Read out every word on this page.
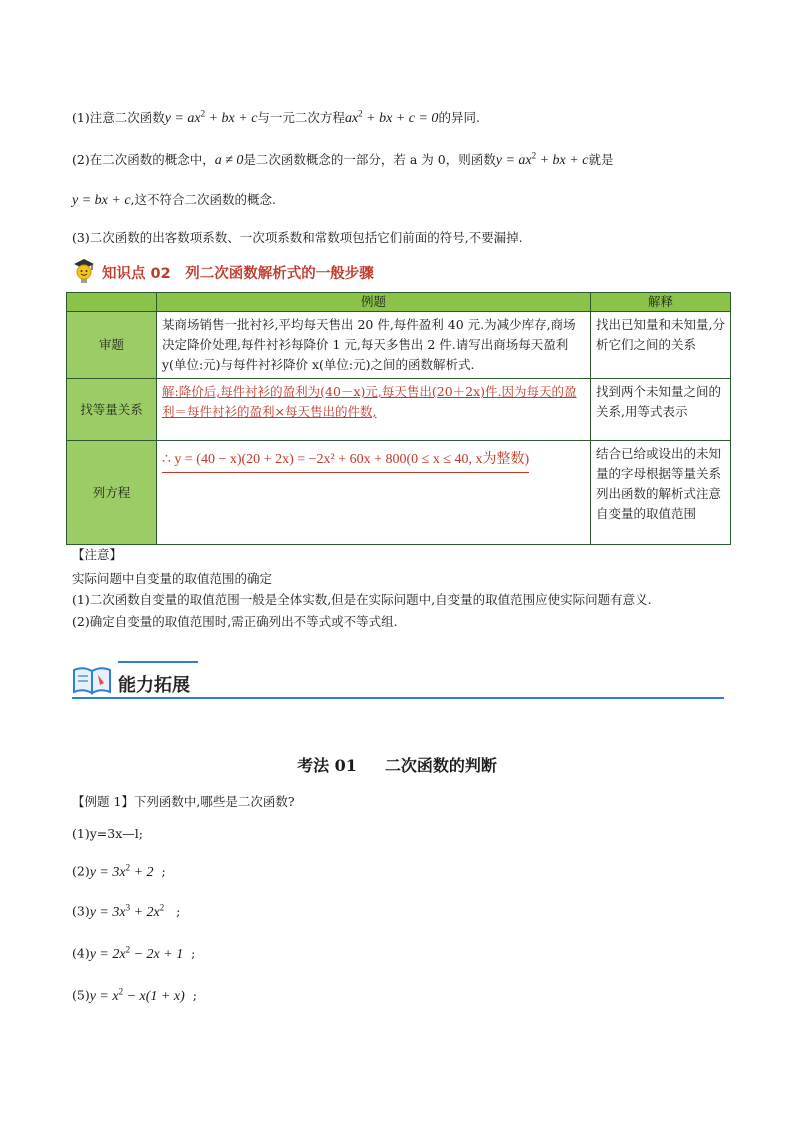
(1)注意二次函数$y = ax^2$ + bx + c与一元二次方程$ax^2$ + bx + c = 0的异同.
(2)在二次函数的概念中，a ≠ 0是二次函数概念的一部分，若 a 为 0，则函数$y = ax^2$ + bx + c就是
y = bx + c,这不符合二次函数的概念.
(3)二次函数的出客数项系数、一次项系数和常数项包括它们前面的符号,不要漏掉.
知识点 02　列二次函数解析式的一般步骤
	例题	解释
审题	某商场销售一批衬衫,平均每天售出 20 件,每件盈利 40 元.为减少库存,商场决定降价处理,每件衬衫每降价 1 元,每天多售出 2 件.请写出商场每天盈利 y(单位:元)与每件衬衫降价 x(单位:元)之间的函数解析式.	找出已知量和未知量,分析它们之间的关系
找等量关系	解:降价后,每件衬衫的盈利为(40－x)元,每天售出(20＋2x)件.因为每天的盈利＝每件衬衫的盈利×每天售出的件数,	找到两个未知量之间的关系,用等式表示
列方程	∴ y = (40 − x)(20 + 2x) = −2x² + 60x + 800(0 ≤ x ≤ 40, x为整数)	结合已给或设出的未知量的字母根据等量关系列出函数的解析式注意自变量的取值范围
【注意】
实际问题中自变量的取值范围的确定
(1)二次函数自变量的取值范围一般是全体实数,但是在实际问题中,自变量的取值范围应使实际问题有意义.
(2)确定自变量的取值范围时,需正确列出不等式或不等式组.
能力拓展
考法 01 二次函数的判断
【例题 1】下列函数中,哪些是二次函数?
(1)y=3x—l;
$(2)y = 3x^2 + 2$  ;
$(3)y = 3x^3 + 2x^2$   ;
$(4)y = 2x^2 - 2x + 1$  ;
$(5)y = x^2 - x(1 + x)$  ;
